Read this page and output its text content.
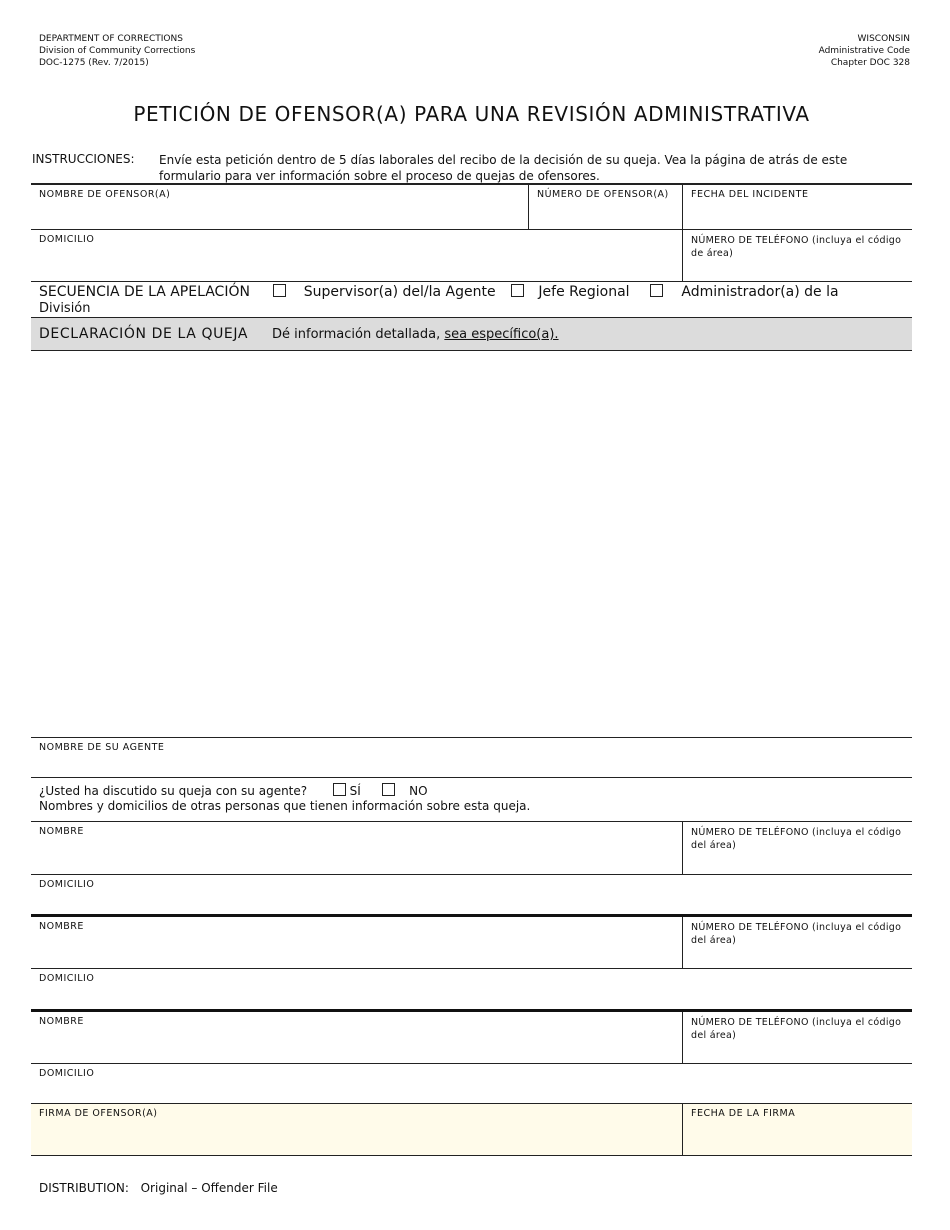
DEPARTMENT OF CORRECTIONS
Division of Community Corrections
DOC-1275 (Rev. 7/2015)
WISCONSIN
Administrative Code
Chapter DOC 328
PETICIÓN DE OFENSOR(A) PARA UNA REVISIÓN ADMINISTRATIVA
INSTRUCCIONES: Envíe esta petición dentro de 5 días laborales del recibo de la decisión de su queja. Vea la página de atrás de este formulario para ver información sobre el proceso de quejas de ofensores.
NOMBRE DE OFENSOR(A)	NÚMERO DE OFENSOR(A)	FECHA DEL INCIDENTE
DOMICILIO	NÚMERO DE TELÉFONO (incluya el código de área)
SECUENCIA DE LA APELACIÓN	Supervisor(a) del/la Agente	Jefe Regional	Administrador(a) de la
División
DECLARACIÓN DE LA QUEJA Dé información detallada, sea específico(a).
NOMBRE DE SU AGENTE
¿Usted ha discutido su queja con su agente?	SÍ	NO
Nombres y domicilios de otras personas que tienen información sobre esta queja.
NOMBRE	NÚMERO DE TELÉFONO (incluya el código del área)
DOMICILIO
NOMBRE	NÚMERO DE TELÉFONO (incluya el código del área)
DOMICILIO
NOMBRE	NÚMERO DE TELÉFONO (incluya el código del área)
DOMICILIO
FIRMA DE OFENSOR(A)	FECHA DE LA FIRMA
DISTRIBUTION: Original – Offender File
